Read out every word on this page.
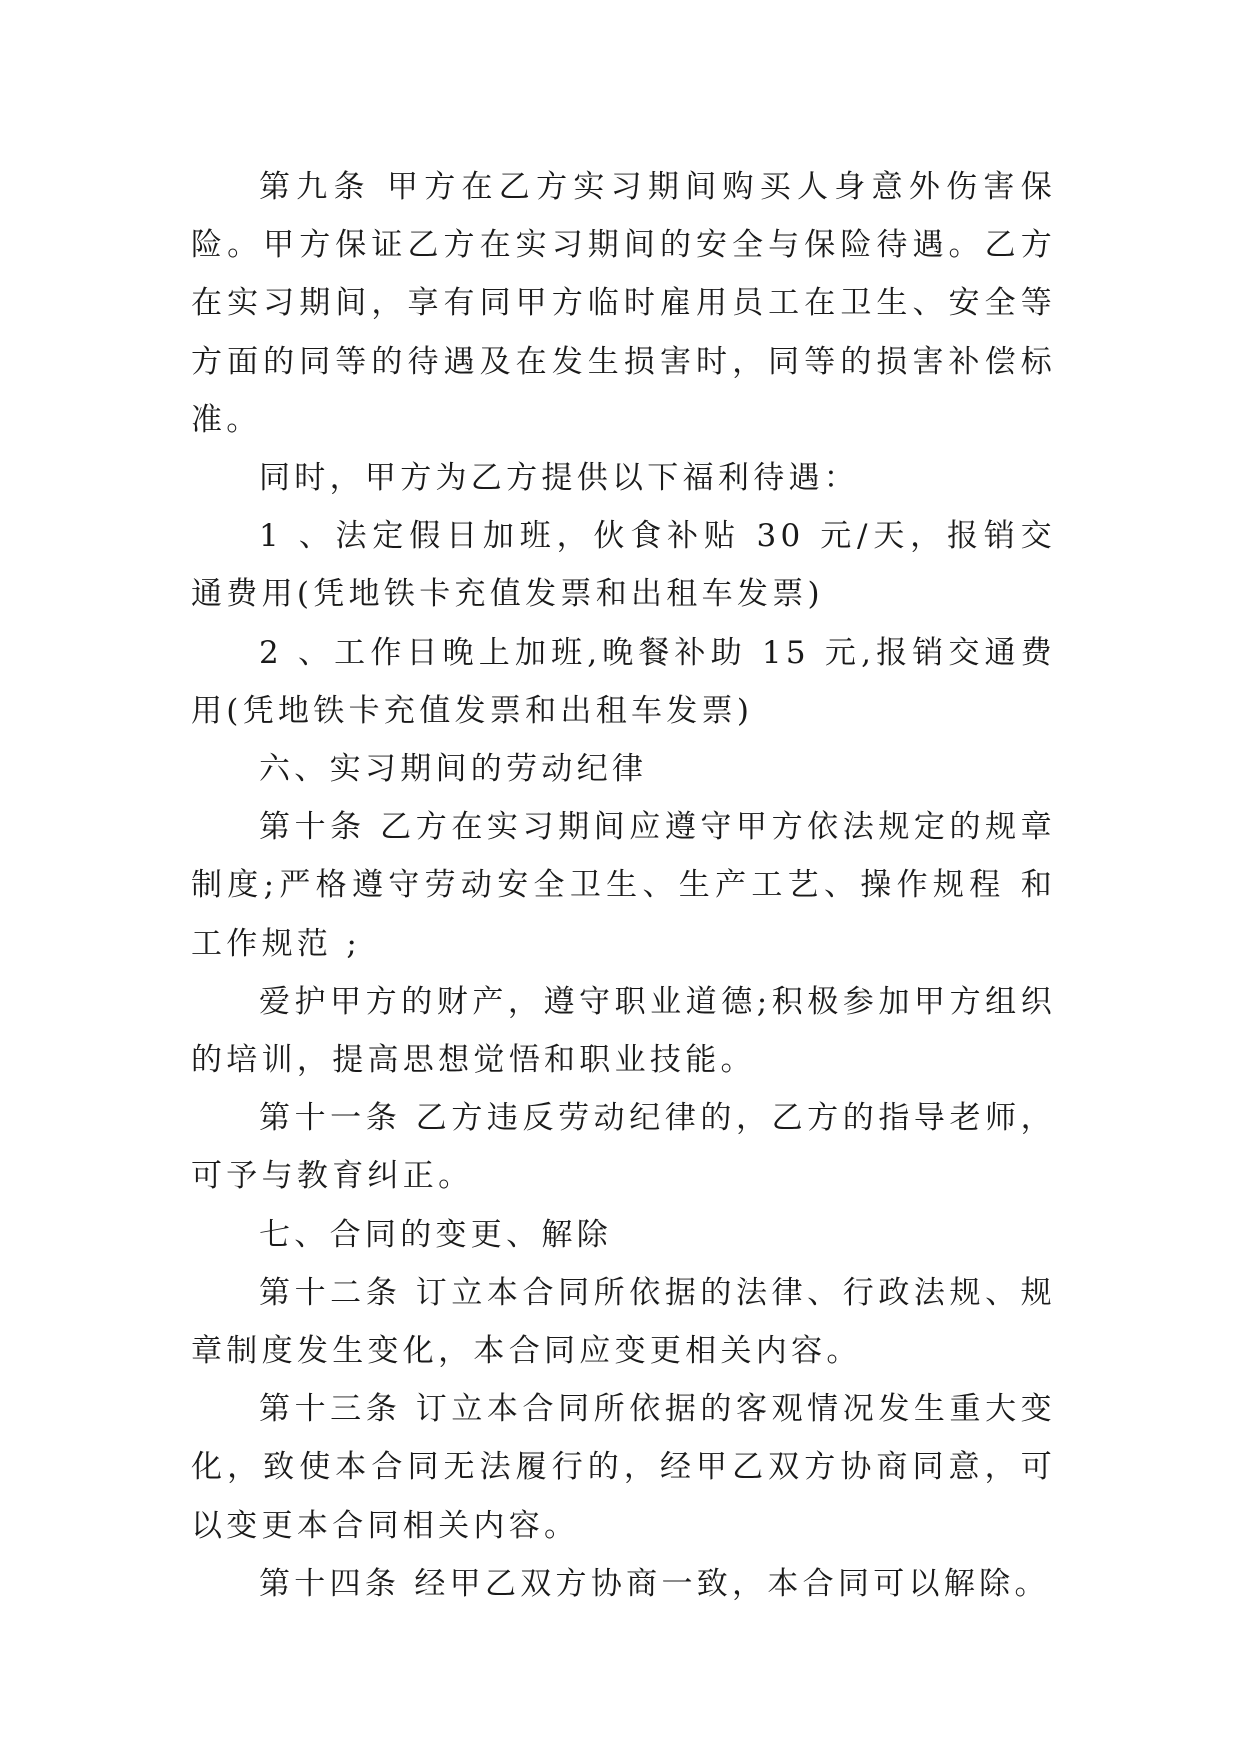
第九条 甲方在乙方实习期间购买人身意外伤害保险。甲方保证乙方在实习期间的安全与保险待遇。乙方在实习期间，享有同甲方临时雇用员工在卫生、安全等方面的同等的待遇及在发生损害时，同等的损害补偿标准。

同时，甲方为乙方提供以下福利待遇：

1 、法定假日加班，伙食补贴 30 元/天，报销交通费用(凭地铁卡充值发票和出租车发票)

2 、工作日晚上加班,晚餐补助 15 元,报销交通费用(凭地铁卡充值发票和出租车发票)

六、实习期间的劳动纪律

第十条 乙方在实习期间应遵守甲方依法规定的规章制度;严格遵守劳动安全卫生、生产工艺、操作规程 和工作规范 ;

爱护甲方的财产，遵守职业道德;积极参加甲方组织的培训，提高思想觉悟和职业技能。

第十一条 乙方违反劳动纪律的，乙方的指导老师，可予与教育纠正。

七、合同的变更、解除

第十二条 订立本合同所依据的法律、行政法规、规章制度发生变化，本合同应变更相关内容。

第十三条 订立本合同所依据的客观情况发生重大变化，致使本合同无法履行的，经甲乙双方协商同意，可以变更本合同相关内容。

第十四条 经甲乙双方协商一致，本合同可以解除。
